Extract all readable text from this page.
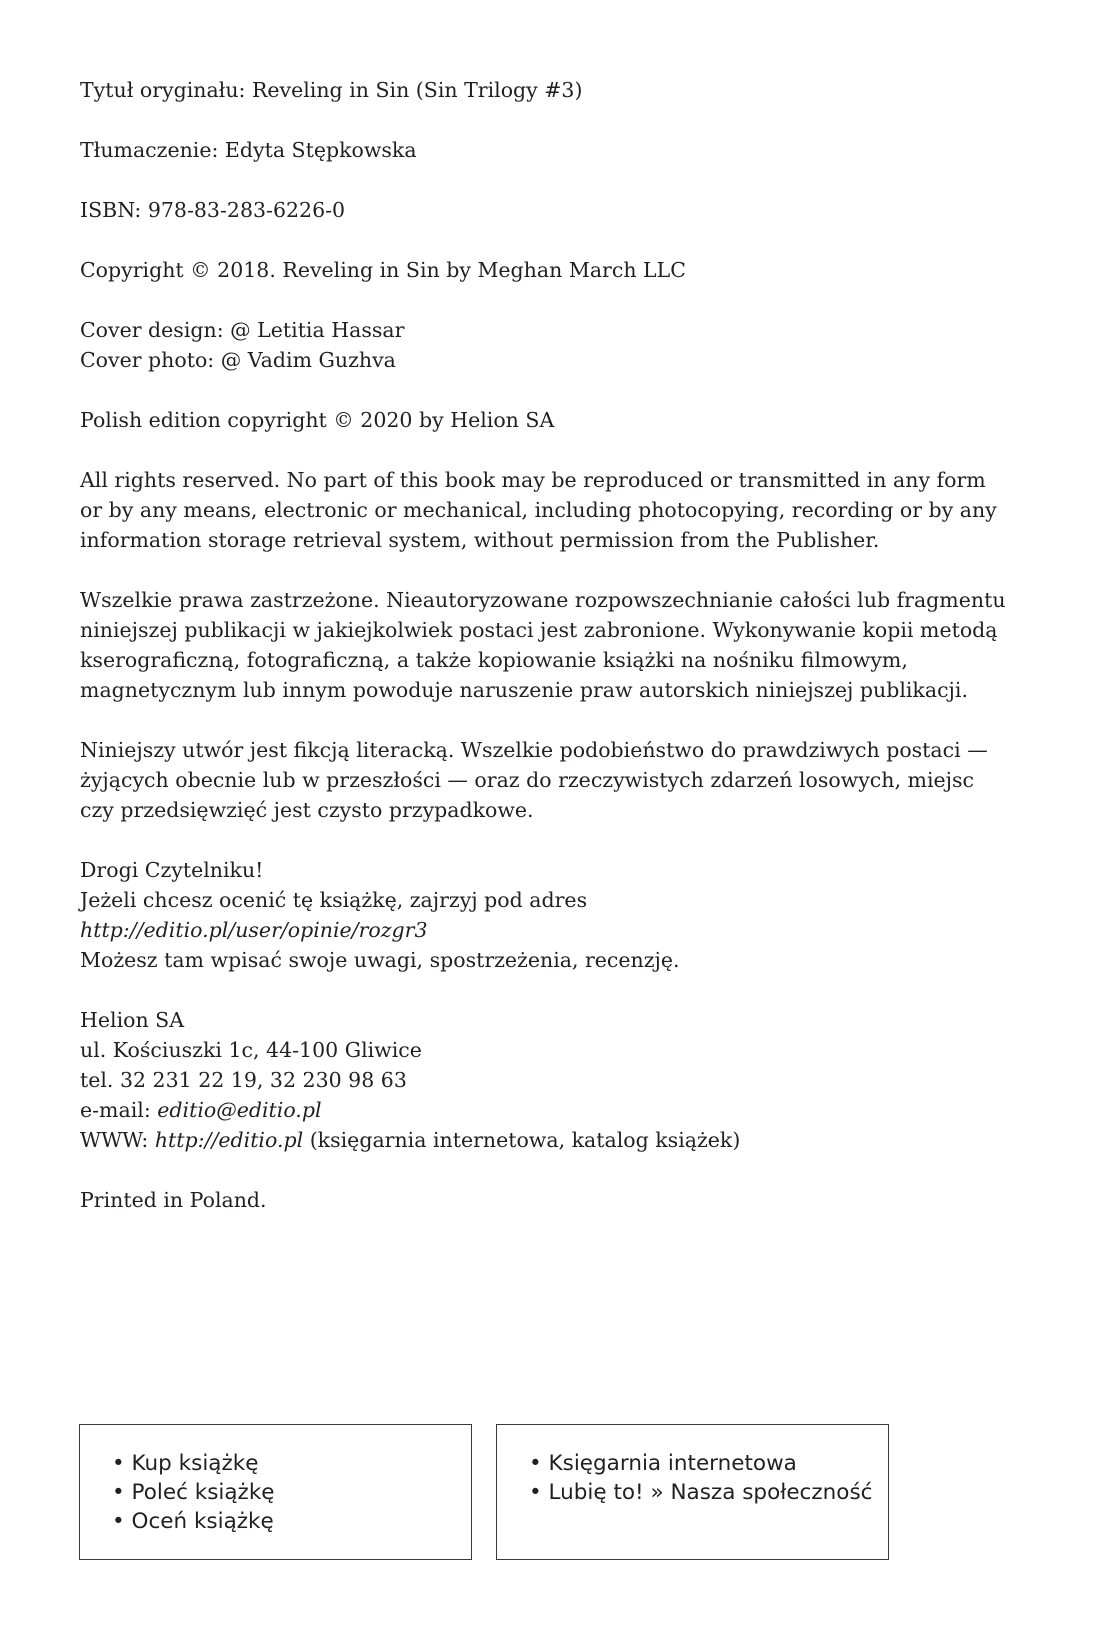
Tytuł oryginału: Reveling in Sin (Sin Trilogy #3)

Tłumaczenie: Edyta Stępkowska

ISBN: 978-83-283-6226-0

Copyright © 2018. Reveling in Sin by Meghan March LLC

Cover design: @ Letitia Hassar
Cover photo: @ Vadim Guzhva

Polish edition copyright © 2020 by Helion SA

All rights reserved. No part of this book may be reproduced or transmitted in any form
or by any means, electronic or mechanical, including photocopying, recording or by any
information storage retrieval system, without permission from the Publisher.

Wszelkie prawa zastrzeżone. Nieautoryzowane rozpowszechnianie całości lub fragmentu
niniejszej publikacji w jakiejkolwiek postaci jest zabronione. Wykonywanie kopii metodą
kserograficzną, fotograficzną, a także kopiowanie książki na nośniku filmowym,
magnetycznym lub innym powoduje naruszenie praw autorskich niniejszej publikacji.

Niniejszy utwór jest fikcją literacką. Wszelkie podobieństwo do prawdziwych postaci —
żyjących obecnie lub w przeszłości — oraz do rzeczywistych zdarzeń losowych, miejsc
czy przedsięwzięć jest czysto przypadkowe.

Drogi Czytelniku!
Jeżeli chcesz ocenić tę książkę, zajrzyj pod adres
http://editio.pl/user/opinie/rozgr3
Możesz tam wpisać swoje uwagi, spostrzeżenia, recenzję.

Helion SA
ul. Kościuszki 1c, 44-100 Gliwice
tel. 32 231 22 19, 32 230 98 63
e-mail: editio@editio.pl
WWW: http://editio.pl (księgarnia internetowa, katalog książek)

Printed in Poland.

• Kup książkę
• Poleć książkę
• Oceń książkę
• Księgarnia internetowa
• Lubię to! » Nasza społeczność
